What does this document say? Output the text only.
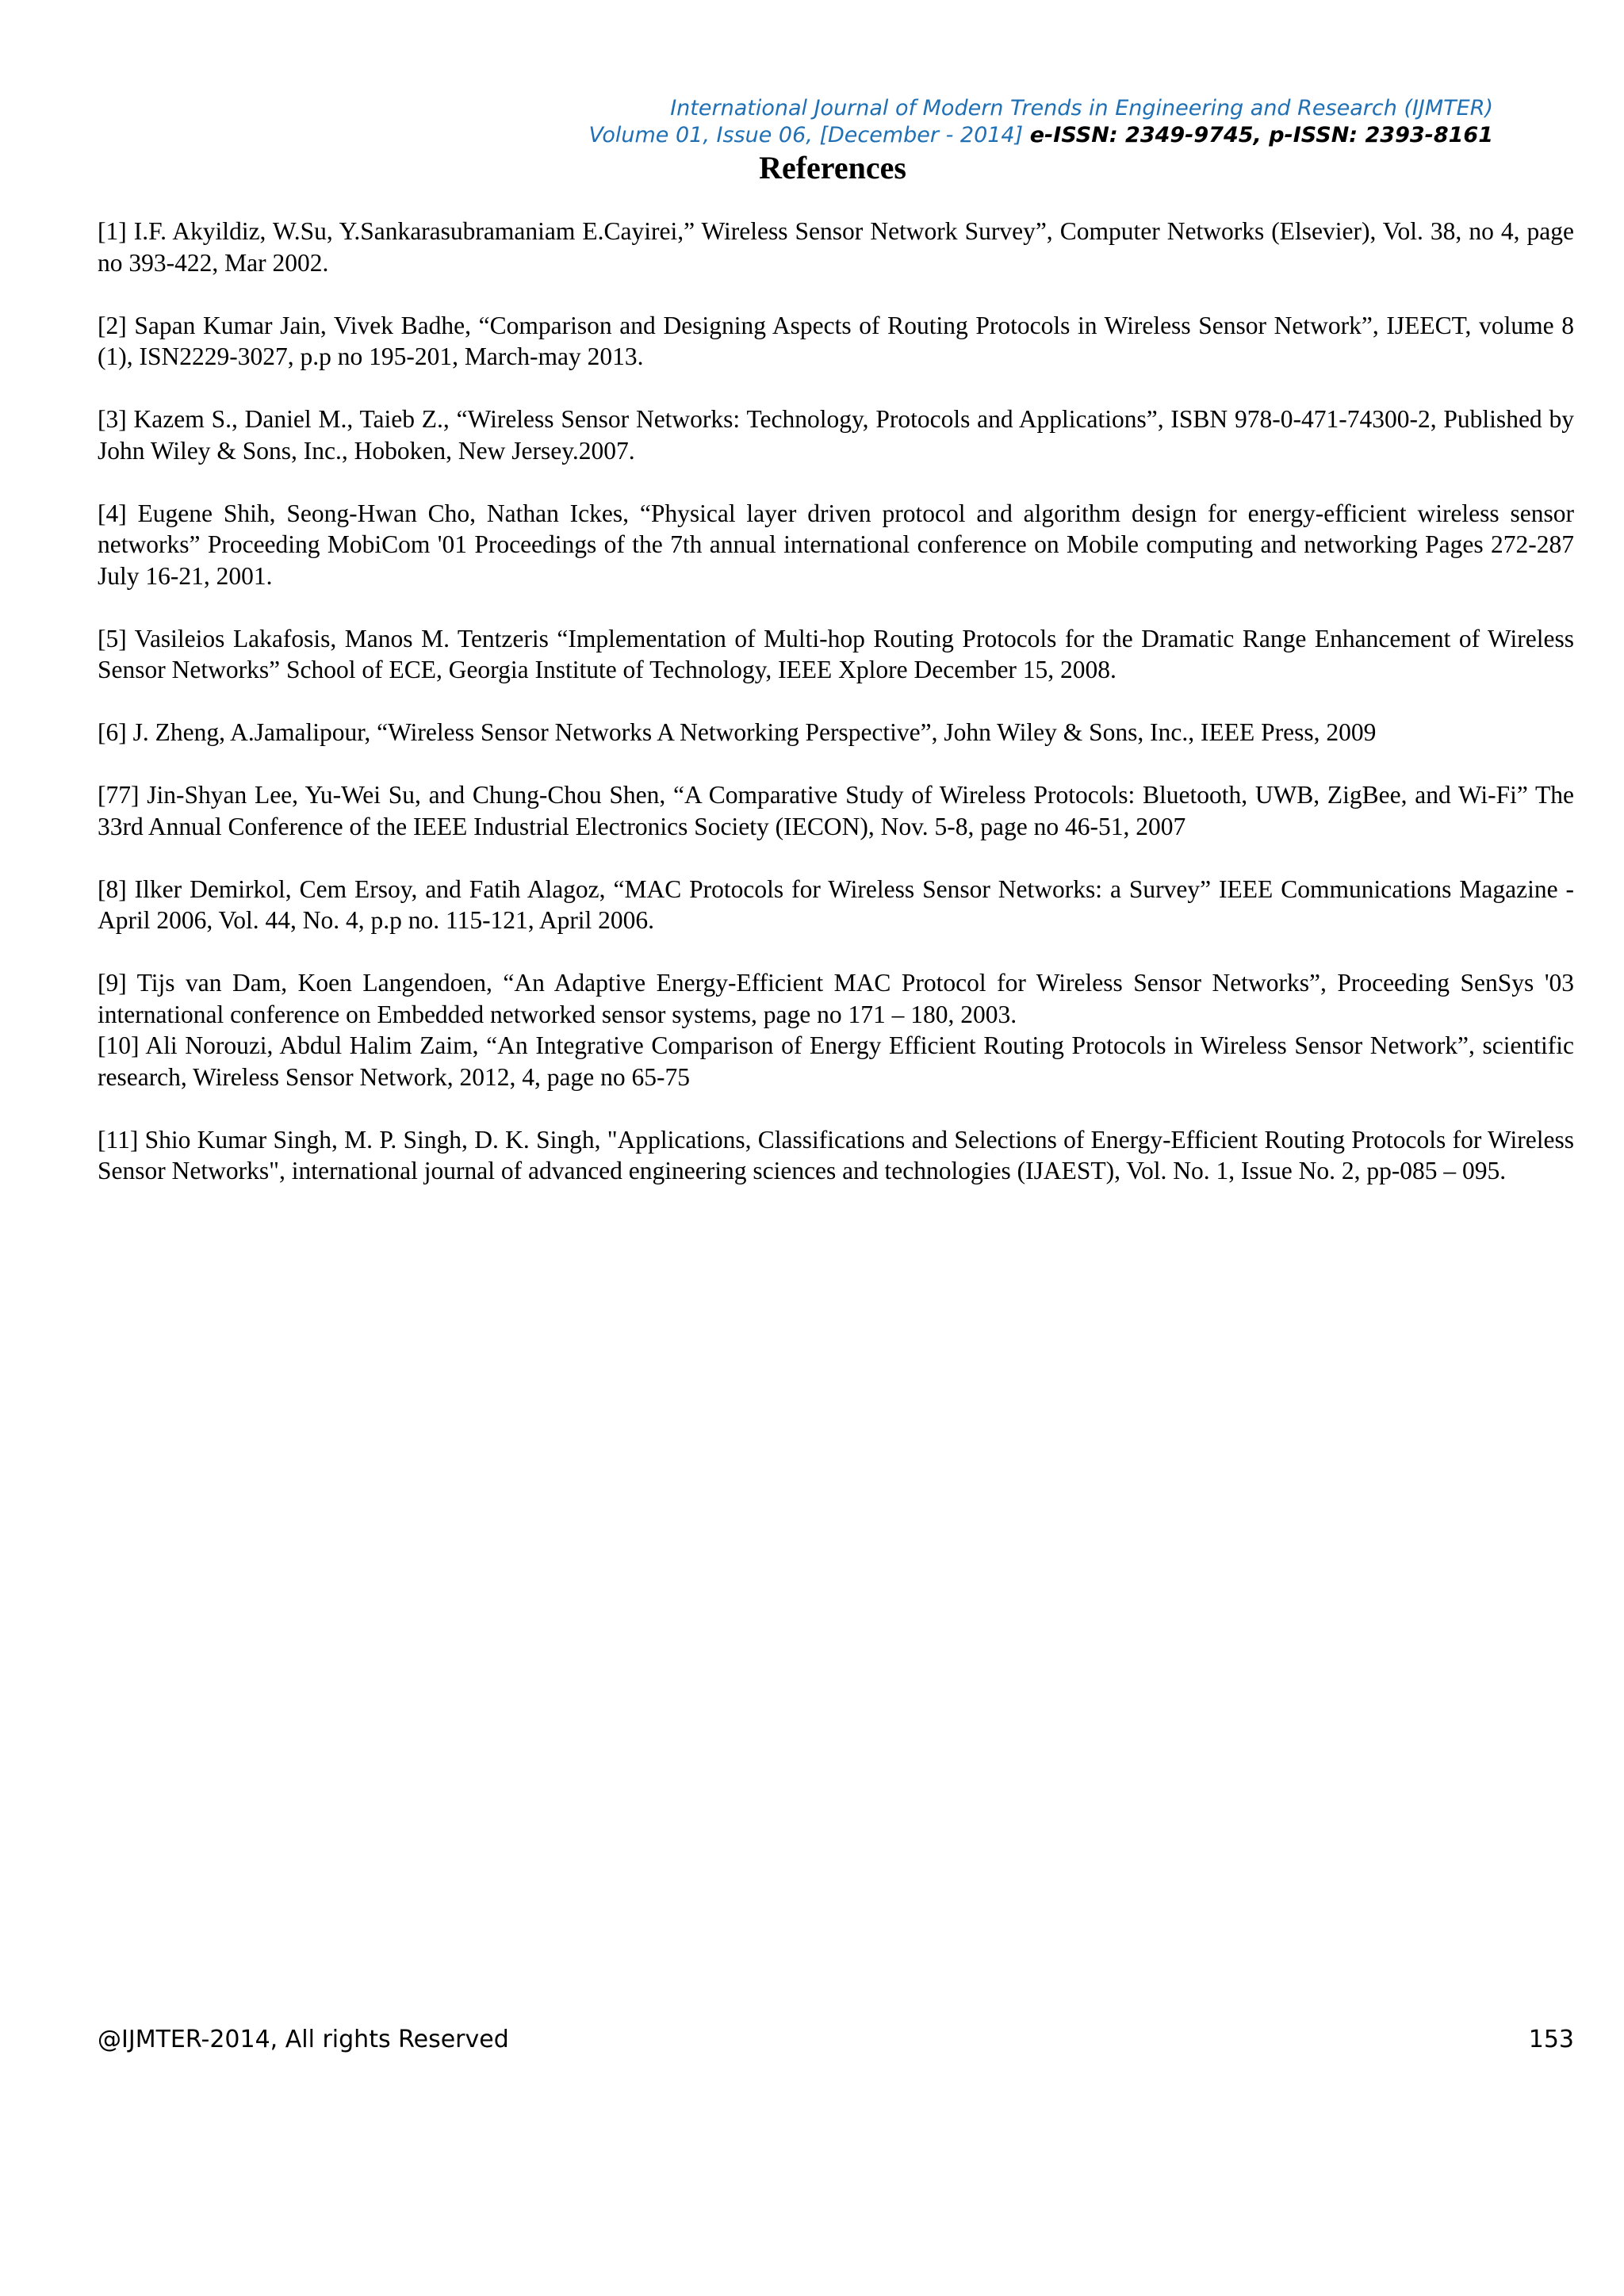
International Journal of Modern Trends in Engineering and Research (IJMTER)
Volume 01, Issue 06, [December - 2014] e-ISSN: 2349-9745, p-ISSN: 2393-8161
References

[1] I.F. Akyildiz, W.Su, Y.Sankarasubramaniam E.Cayirei,” Wireless Sensor Network Survey”, Computer Networks (Elsevier), Vol. 38, no 4, page no 393-422, Mar 2002.

[2] Sapan Kumar Jain, Vivek Badhe, “Comparison and Designing Aspects of Routing Protocols in Wireless Sensor Network”, IJEECT, volume 8 (1), ISN2229-3027, p.p no 195-201, March-may 2013.

[3] Kazem S., Daniel M., Taieb Z., “Wireless Sensor Networks: Technology, Protocols and Applications”, ISBN 978-0-471-74300-2, Published by John Wiley & Sons, Inc., Hoboken, New Jersey.2007.

[4] Eugene Shih, Seong-Hwan Cho, Nathan Ickes, “Physical layer driven protocol and algorithm design for energy-efficient wireless sensor networks” Proceeding MobiCom '01 Proceedings of the 7th annual international conference on Mobile computing and networking Pages 272-287 July 16-21, 2001.

[5] Vasileios Lakafosis, Manos M. Tentzeris “Implementation of Multi-hop Routing Protocols for the Dramatic Range Enhancement of Wireless Sensor Networks” School of ECE, Georgia Institute of Technology, IEEE Xplore December 15, 2008.

[6] J. Zheng, A.Jamalipour, “Wireless Sensor Networks A Networking Perspective”, John Wiley & Sons, Inc., IEEE Press, 2009

[77] Jin-Shyan Lee, Yu-Wei Su, and Chung-Chou Shen, “A Comparative Study of Wireless Protocols: Bluetooth, UWB, ZigBee, and Wi-Fi” The 33rd Annual Conference of the IEEE Industrial Electronics Society (IECON), Nov. 5-8, page no 46-51, 2007

[8] Ilker Demirkol, Cem Ersoy, and Fatih Alagoz, “MAC Protocols for Wireless Sensor Networks: a Survey” IEEE Communications Magazine - April 2006, Vol. 44, No. 4, p.p no. 115-121, April 2006.

[9] Tijs van Dam, Koen Langendoen, “An Adaptive Energy-Efficient MAC Protocol for Wireless Sensor Networks”, Proceeding SenSys '03 international conference on Embedded networked sensor systems, page no 171 – 180, 2003.

[10] Ali Norouzi, Abdul Halim Zaim, “An Integrative Comparison of Energy Efficient Routing Protocols in Wireless Sensor Network”, scientific research, Wireless Sensor Network, 2012, 4, page no 65-75

[11] Shio Kumar Singh, M. P. Singh, D. K. Singh, "Applications, Classifications and Selections of Energy-Efficient Routing Protocols for Wireless Sensor Networks", international journal of advanced engineering sciences and technologies (IJAEST), Vol. No. 1, Issue No. 2, pp-085 – 095.

@IJMTER-2014, All rights Reserved	153
